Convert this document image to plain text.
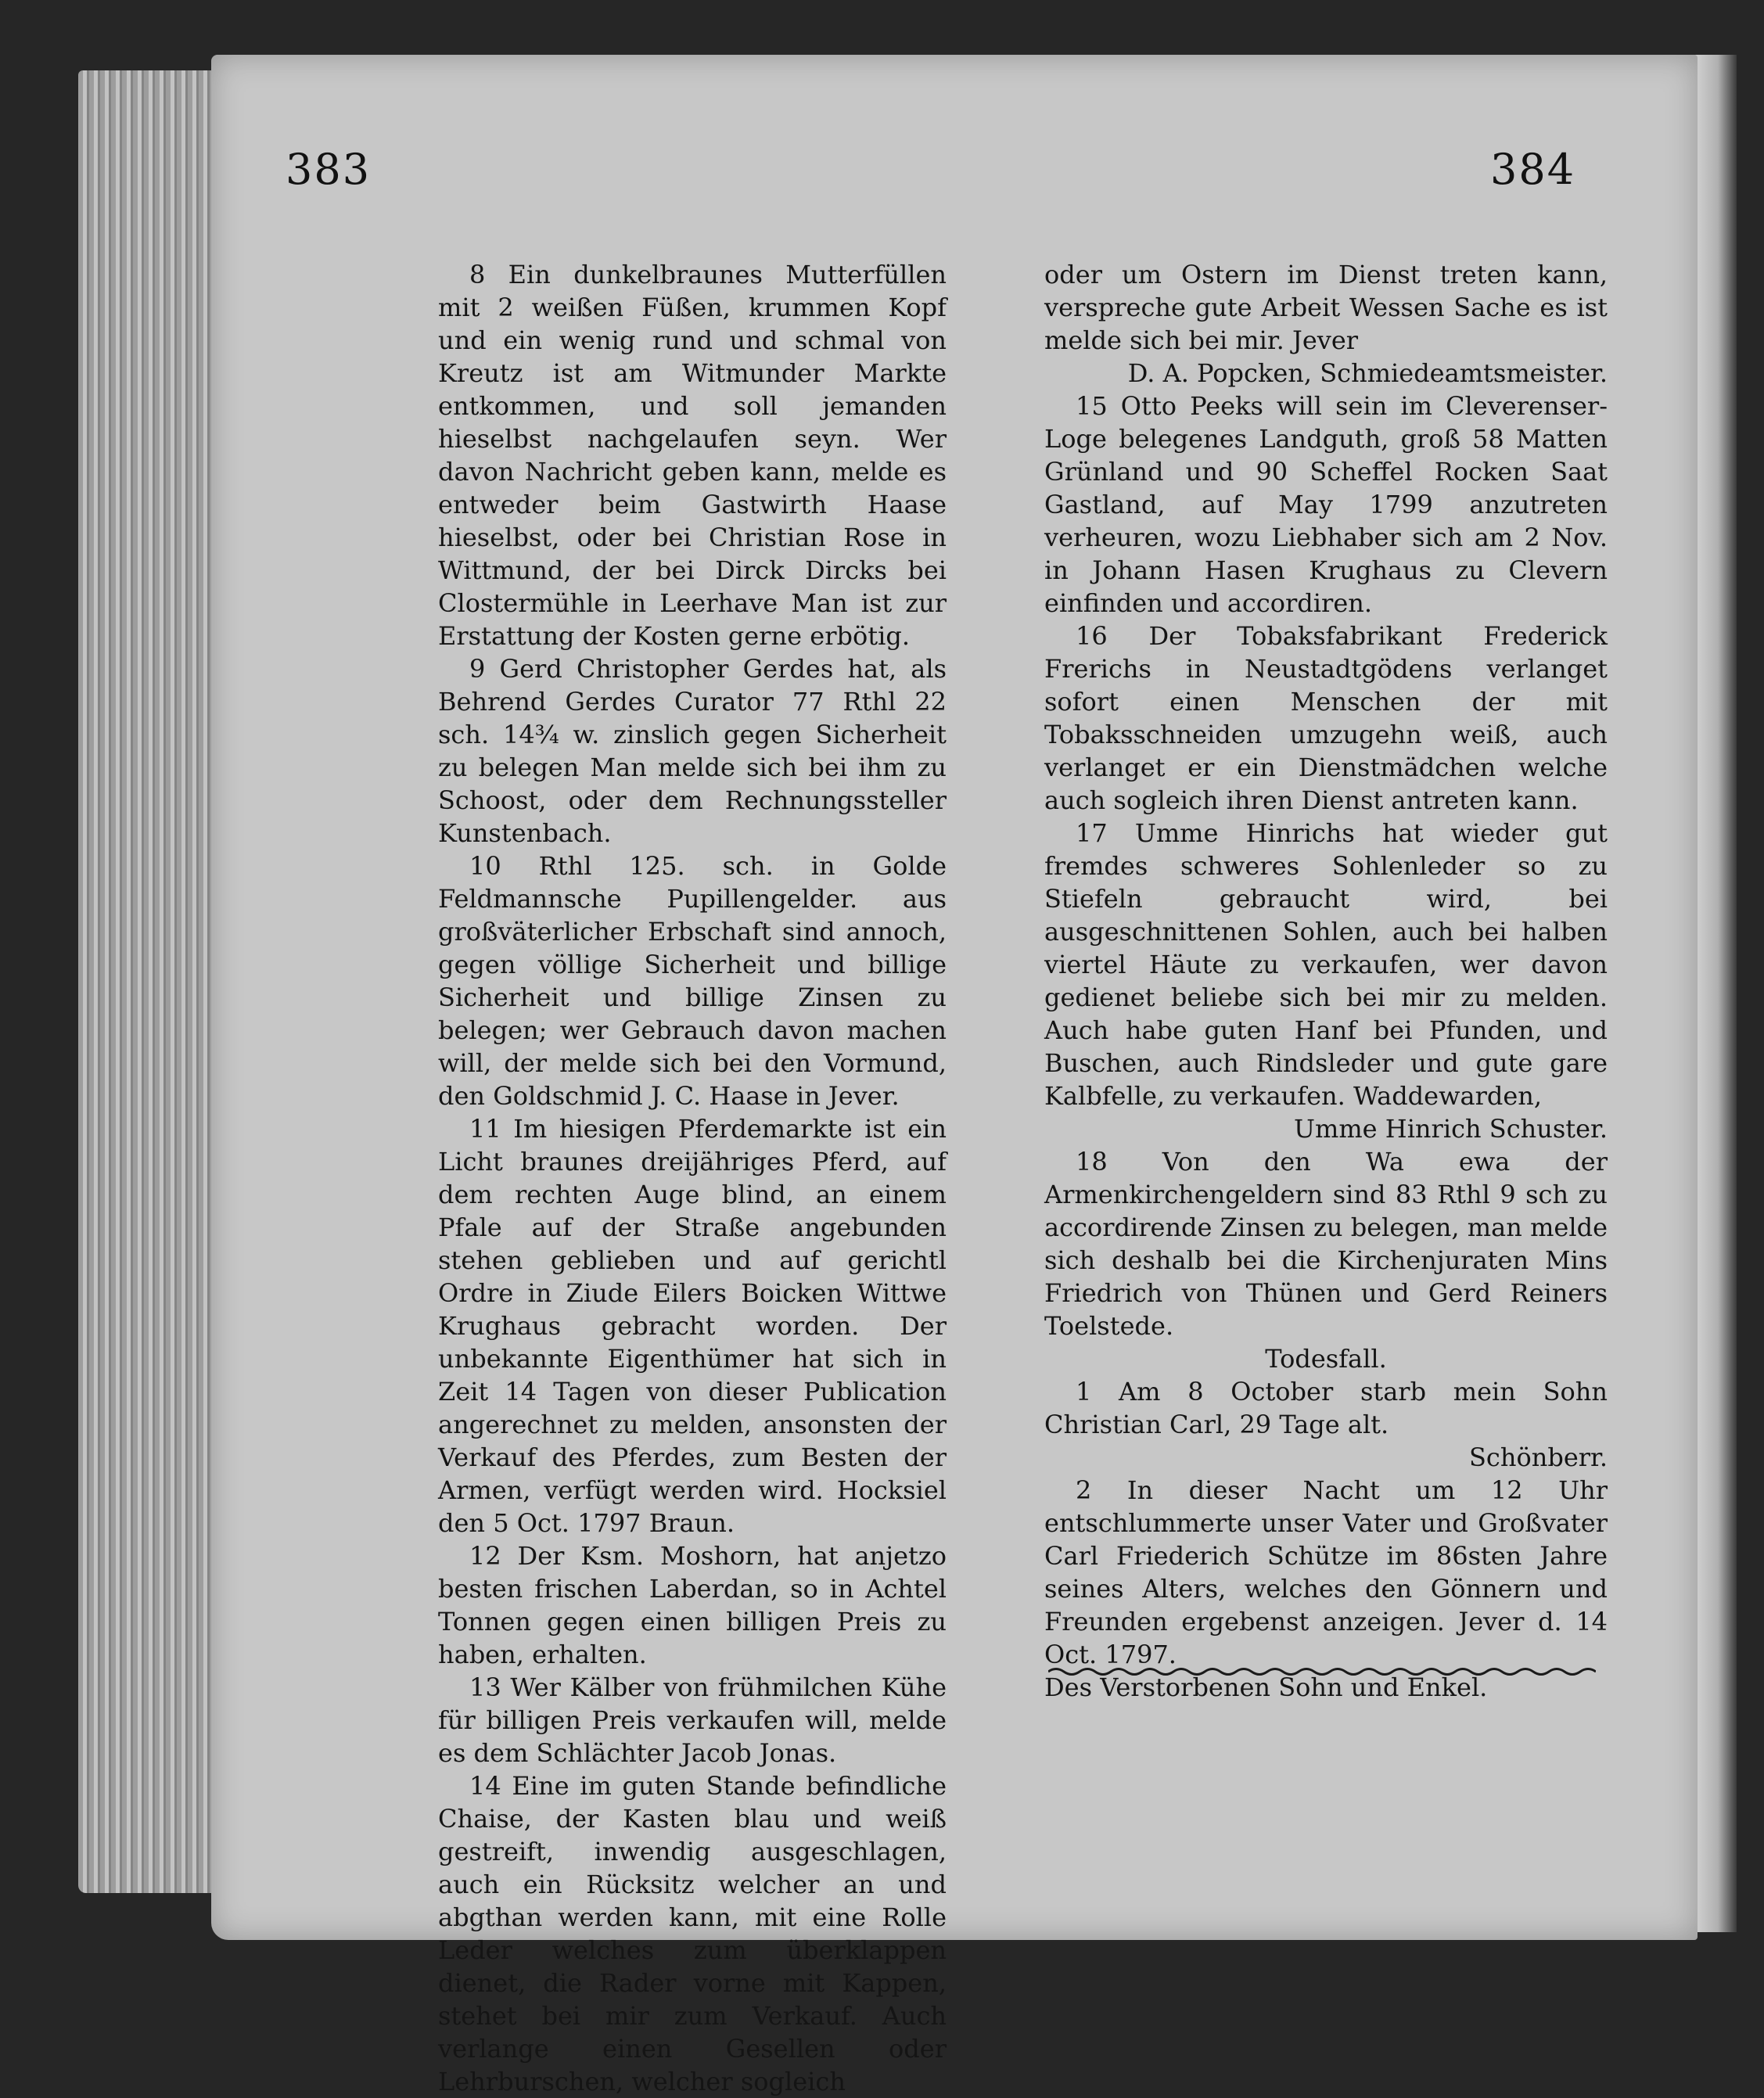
383	384

8 Ein dunkelbraunes Mutterfüllen mit 2 weißen Füßen, krummen Kopf und ein wenig rund und schmal von Kreutz ist am Witmunder Markte entkommen, und soll jemanden hieselbst nachgelaufen seyn. Wer davon Nachricht geben kann, melde es entweder beim Gastwirth Haase hieselbst, oder bei Christian Rose in Wittmund, der bei Dirck Dircks bei Clostermühle in Leerhave Man ist zur Erstattung der Kosten gerne erbötig.

9 Gerd Christopher Gerdes hat, als Behrend Gerdes Curator 77 Rthl 22 sch. 14¾ w. zinslich gegen Sicherheit zu belegen Man melde sich bei ihm zu Schoost, oder dem Rechnungssteller Kunstenbach.

10 Rthl 125. sch. in Golde Feldmannsche Pupillengelder. aus großväterlicher Erbschaft sind annoch, gegen völlige Sicherheit und billige Sicherheit und billige Zinsen zu belegen; wer Gebrauch davon machen will, der melde sich bei den Vormund, den Goldschmid J. C. Haase in Jever.

11 Im hiesigen Pferdemarkte ist ein Licht braunes dreijähriges Pferd, auf dem rechten Auge blind, an einem Pfale auf der Straße angebunden stehen geblieben und auf gerichtl Ordre in Ziude Eilers Boicken Wittwe Krughaus gebracht worden. Der unbekannte Eigenthümer hat sich in Zeit 14 Tagen von dieser Publication angerechnet zu melden, ansonsten der Verkauf des Pferdes, zum Besten der Armen, verfügt werden wird. Hocksiel den 5 Oct. 1797 Braun.

12 Der Ksm. Moshorn, hat anjetzo besten frischen Laberdan, so in Achtel Tonnen gegen einen billigen Preis zu haben, erhalten.

13 Wer Kälber von frühmilchen Kühe für billigen Preis verkaufen will, melde es dem Schlächter Jacob Jonas.

14 Eine im guten Stande befindliche Chaise, der Kasten blau und weiß gestreift, inwendig ausgeschlagen, auch ein Rücksitz welcher an und abgthan werden kann, mit eine Rolle Leder welches zum überklappen dienet, die Rader vorne mit Kappen, stehet bei mir zum Verkauf. Auch verlange einen Gesellen oder Lehrburschen, welcher sogleich

oder um Ostern im Dienst treten kann, verspreche gute Arbeit Wessen Sache es ist melde sich bei mir. Jever

D. A. Popcken, Schmiedeamtsmeister.

15 Otto Peeks will sein im Cleverenser-Loge belegenes Landguth, groß 58 Matten Grünland und 90 Scheffel Rocken Saat Gastland, auf May 1799 anzutreten verheuren, wozu Liebhaber sich am 2 Nov. in Johann Hasen Krughaus zu Clevern einfinden und accordiren.

16 Der Tobaksfabrikant Frederick Frerichs in Neustadtgödens verlanget sofort einen Menschen der mit Tobaksschneiden umzugehn weiß, auch verlanget er ein Dienstmädchen welche auch sogleich ihren Dienst antreten kann.

17 Umme Hinrichs hat wieder gut fremdes schweres Sohlenleder so zu Stiefeln gebraucht wird, bei ausgeschnittenen Sohlen, auch bei halben viertel Häute zu verkaufen, wer davon gedienet beliebe sich bei mir zu melden. Auch habe guten Hanf bei Pfunden, und Buschen, auch Rindsleder und gute gare Kalbfelle, zu verkaufen. Waddewarden,

Umme Hinrich Schuster.

18 Von den Wa ewa der Armenkirchengeldern sind 83 Rthl 9 sch zu accordirende Zinsen zu belegen, man melde sich deshalb bei die Kirchenjuraten Mins Friedrich von Thünen und Gerd Reiners Toelstede.

Todesfall.

1 Am 8 October starb mein Sohn Christian Carl, 29 Tage alt.

Schönberr.

2 In dieser Nacht um 12 Uhr entschlummerte unser Vater und Großvater Carl Friederich Schütze im 86sten Jahre seines Alters, welches den Gönnern und Freunden ergebenst anzeigen. Jever d. 14 Oct. 1797.

Des Verstorbenen Sohn und Enkel.
